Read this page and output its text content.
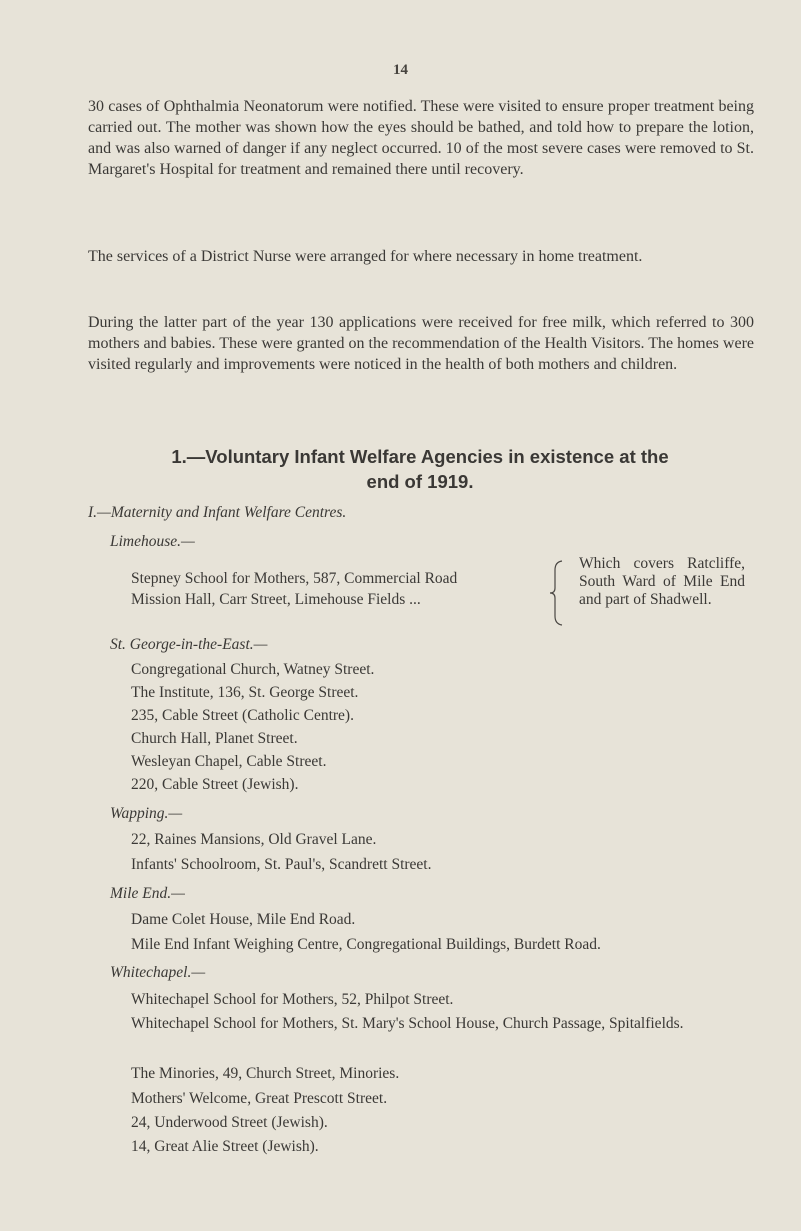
14

30 cases of Ophthalmia Neonatorum were notified. These were visited to ensure proper treatment being carried out. The mother was shown how the eyes should be bathed, and told how to prepare the lotion, and was also warned of danger if any neglect occurred. 10 of the most severe cases were removed to St. Margaret's Hospital for treatment and remained there until recovery.

The services of a District Nurse were arranged for where necessary in home treatment.

During the latter part of the year 130 applications were received for free milk, which referred to 300 mothers and babies. These were granted on the recommendation of the Health Visitors. The homes were visited regularly and improvements were noticed in the health of both mothers and children.

1.—Voluntary Infant Welfare Agencies in existence at the
end of 1919.
I.—Maternity and Infant Welfare Centres.
Limehouse.—
Stepney School for Mothers, 587, Commercial Road
Mission Hall, Carr Street, Limehouse Fields ...
Which covers Ratcliffe, South Ward of Mile End and part of Shadwell.
St. George-in-the-East.—
Congregational Church, Watney Street.
The Institute, 136, St. George Street.
235, Cable Street (Catholic Centre).
Church Hall, Planet Street.
Wesleyan Chapel, Cable Street.
220, Cable Street (Jewish).
Wapping.—
22, Raines Mansions, Old Gravel Lane.
Infants' Schoolroom, St. Paul's, Scandrett Street.
Mile End.—
Dame Colet House, Mile End Road.
Mile End Infant Weighing Centre, Congregational Buildings, Burdett Road.
Whitechapel.—
Whitechapel School for Mothers, 52, Philpot Street.
Whitechapel School for Mothers, St. Mary's School House, Church Passage, Spitalfields.
The Minories, 49, Church Street, Minories.
Mothers' Welcome, Great Prescott Street.
24, Underwood Street (Jewish).
14, Great Alie Street (Jewish).
